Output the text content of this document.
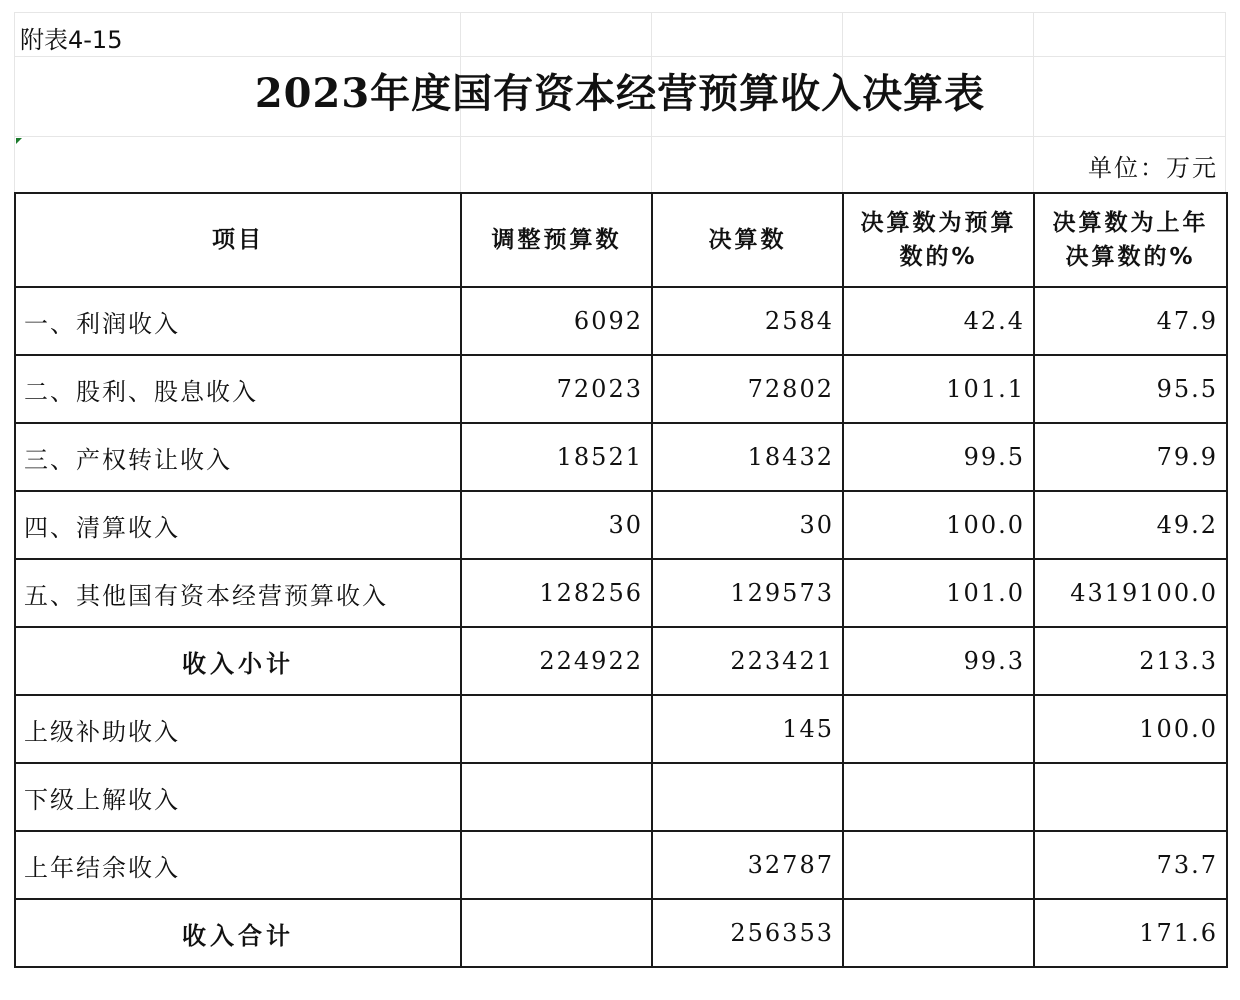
附表4-15
2023年度国有资本经营预算收入决算表
单位：万元
项目	调整预算数	决算数	决算数为预算数的%	决算数为上年决算数的%
一、利润收入	6092	2584	42.4	47.9
二、股利、股息收入	72023	72802	101.1	95.5
三、产权转让收入	18521	18432	99.5	79.9
四、清算收入	30	30	100.0	49.2
五、其他国有资本经营预算收入	128256	129573	101.0	4319100.0
收入小计	224922	223421	99.3	213.3
上级补助收入		145		100.0
下级上解收入				
上年结余收入		32787		73.7
收入合计		256353		171.6
